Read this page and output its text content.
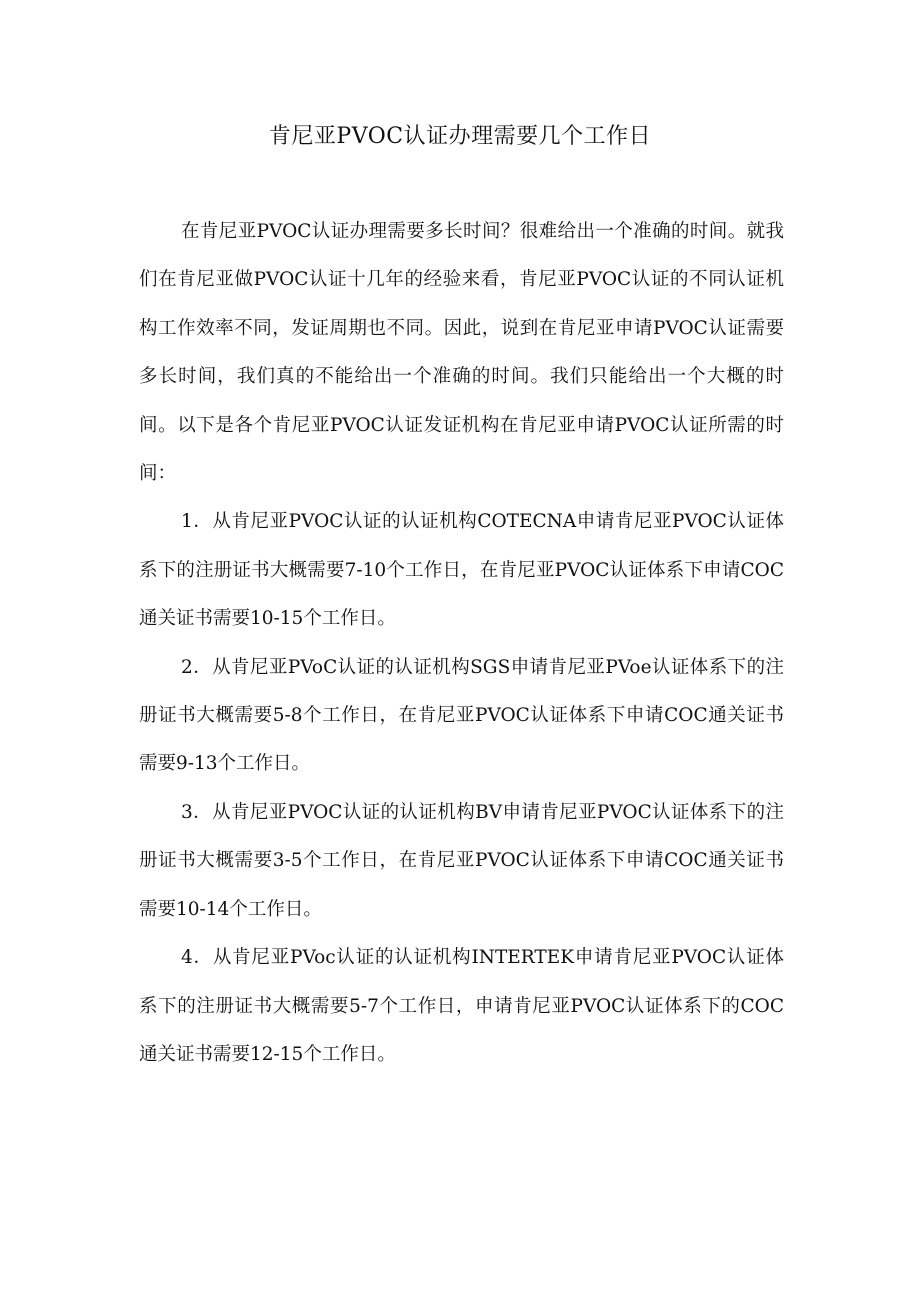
肯尼亚PVOC认证办理需要几个工作日

在肯尼亚PVOC认证办理需要多长时间？很难给出一个准确的时间。就我们在肯尼亚做PVOC认证十几年的经验来看，肯尼亚PVOC认证的不同认证机构工作效率不同，发证周期也不同。因此，说到在肯尼亚申请PVOC认证需要多长时间，我们真的不能给出一个准确的时间。我们只能给出一个大概的时间。以下是各个肯尼亚PVOC认证发证机构在肯尼亚申请PVOC认证所需的时间：

1．从肯尼亚PVOC认证的认证机构COTECNA申请肯尼亚PVOC认证体系下的注册证书大概需要7-10个工作日，在肯尼亚PVOC认证体系下申请COC通关证书需要10-15个工作日。

2．从肯尼亚PVoC认证的认证机构SGS申请肯尼亚PVoe认证体系下的注册证书大概需要5-8个工作日，在肯尼亚PVOC认证体系下申请COC通关证书需要9-13个工作日。

3．从肯尼亚PVOC认证的认证机构BV申请肯尼亚PVOC认证体系下的注册证书大概需要3-5个工作日，在肯尼亚PVOC认证体系下申请COC通关证书需要10-14个工作日。

4．从肯尼亚PVoc认证的认证机构INTERTEK申请肯尼亚PVOC认证体系下的注册证书大概需要5-7个工作日，申请肯尼亚PVOC认证体系下的COC通关证书需要12-15个工作日。
